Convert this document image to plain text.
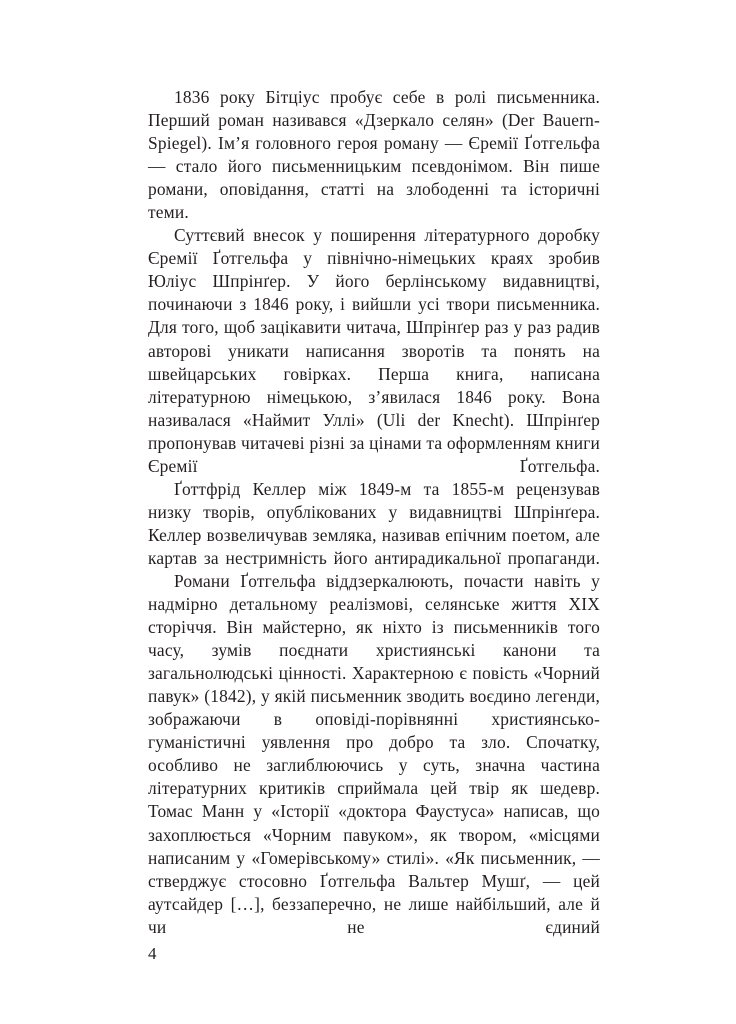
1836 року Бітціус пробує себе в ролі письменника. Перший роман називався «Дзеркало селян» (Der Bauern-Spiegel). Ім’я головного героя роману — Єремії Ґотгельфа — стало його письменницьким псевдонімом. Він пише романи, оповідання, статті на злободенні та історичні теми.

Суттєвий внесок у поширення літературного доробку Єремії Ґотгельфа у північно-німецьких краях зробив Юліус Шпрінґер. У його берлінському видавництві, починаючи з 1846 року, і вийшли усі твори письменника. Для того, щоб зацікавити читача, Шпрінґер раз у раз радив авторові уникати написання зворотів та понять на швейцарських говірках. Перша книга, написана літературною німецькою, з’явилася 1846 року. Вона називалася «Наймит Уллі» (Uli der Knecht). Шпрінґер пропонував читачеві різні за цінами та оформленням книги Єремії Ґотгельфа.

Ґоттфрід Келлер між 1849-м та 1855-м рецензував низку творів, опублікованих у видавництві Шпрінґера. Келлер возвеличував земляка, називав епічним поетом, але картав за нестримність його антирадикальної пропаганди.

Романи Ґотгельфа віддзеркалюють, почасти навіть у надмірно детальному реалізмові, селянське життя XIX сторіччя. Він майстерно, як ніхто із письменників того часу, зумів поєднати християнські канони та загальнолюдські цінності. Характерною є повість «Чорний павук» (1842), у якій письменник зводить воєдино легенди, зображаючи в оповіді-порівнянні християнсько-гуманістичні уявлення про добро та зло. Спочатку, особливо не заглиблюючись у суть, значна частина літературних критиків сприймала цей твір як шедевр. Томас Манн у «Історії «доктора Фаустуса» написав, що захоплюється «Чорним павуком», як твором, «місцями написаним у «Гомерівському» стилі». «Як письменник, — стверджує стосовно Ґотгельфа Вальтер Мушґ, — цей аутсайдер […], беззаперечно, не лише найбільший, але й чи не єдиний

4
